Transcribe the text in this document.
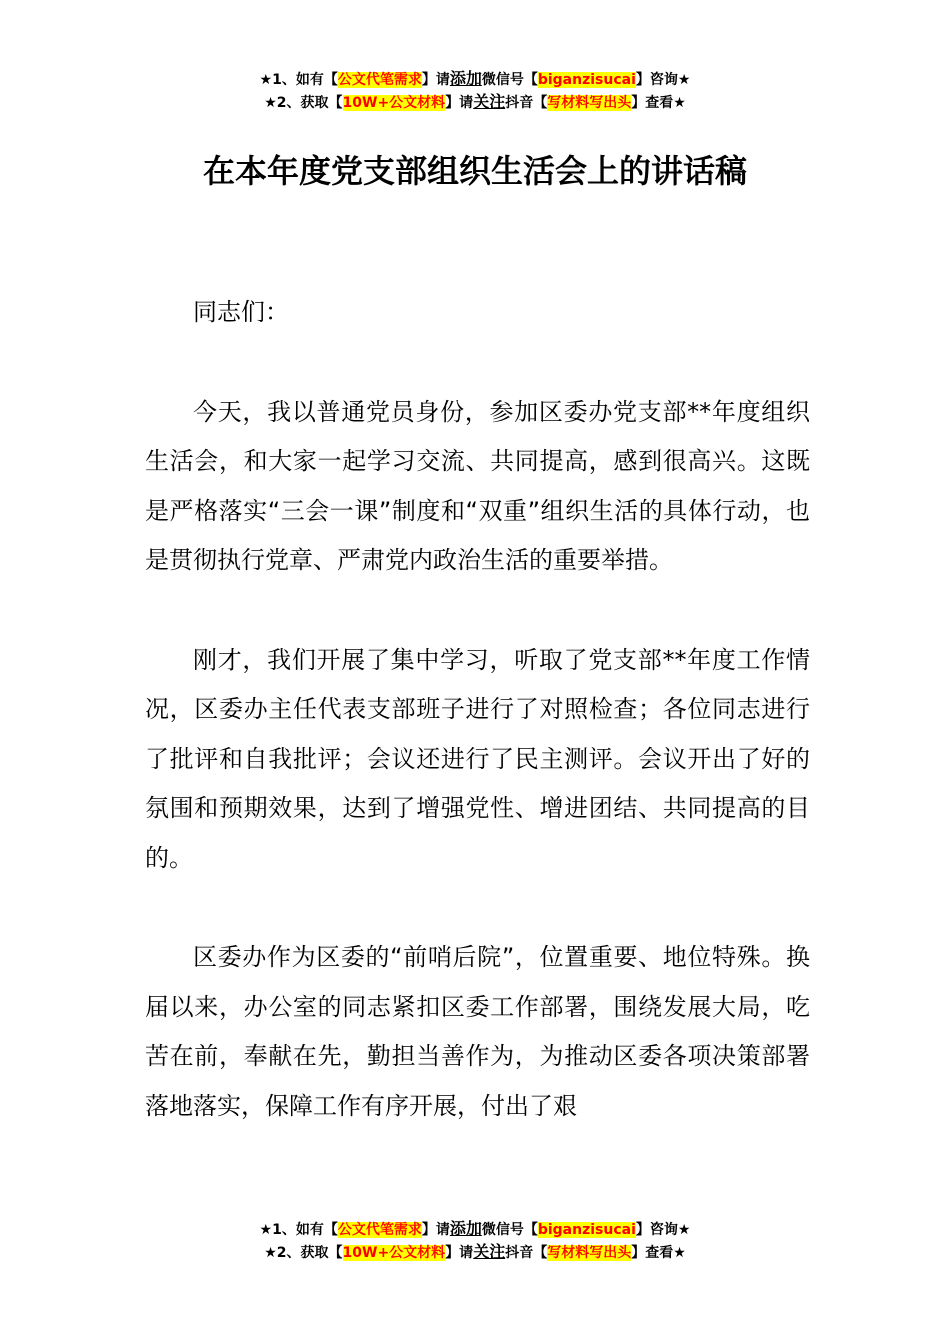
★1、如有【公文代笔需求】请添加微信号【biganzisucai】咨询★
★2、获取【10W+公文材料】请关注抖音【写材料写出头】查看★
在本年度党支部组织生活会上的讲话稿

同志们：

今天，我以普通党员身份，参加区委办党支部**年度组织生活会，和大家一起学习交流、共同提高，感到很高兴。这既是严格落实“三会一课”制度和“双重”组织生活的具体行动，也是贯彻执行党章、严肃党内政治生活的重要举措。

刚才，我们开展了集中学习，听取了党支部**年度工作情况，区委办主任代表支部班子进行了对照检查；各位同志进行了批评和自我批评；会议还进行了民主测评。会议开出了好的氛围和预期效果，达到了增强党性、增进团结、共同提高的目的。

区委办作为区委的“前哨后院”，位置重要、地位特殊。换届以来，办公室的同志紧扣区委工作部署，围绕发展大局，吃苦在前，奉献在先，勤担当善作为，为推动区委各项决策部署落地落实，保障工作有序开展，付出了艰

★1、如有【公文代笔需求】请添加微信号【biganzisucai】咨询★
★2、获取【10W+公文材料】请关注抖音【写材料写出头】查看★
